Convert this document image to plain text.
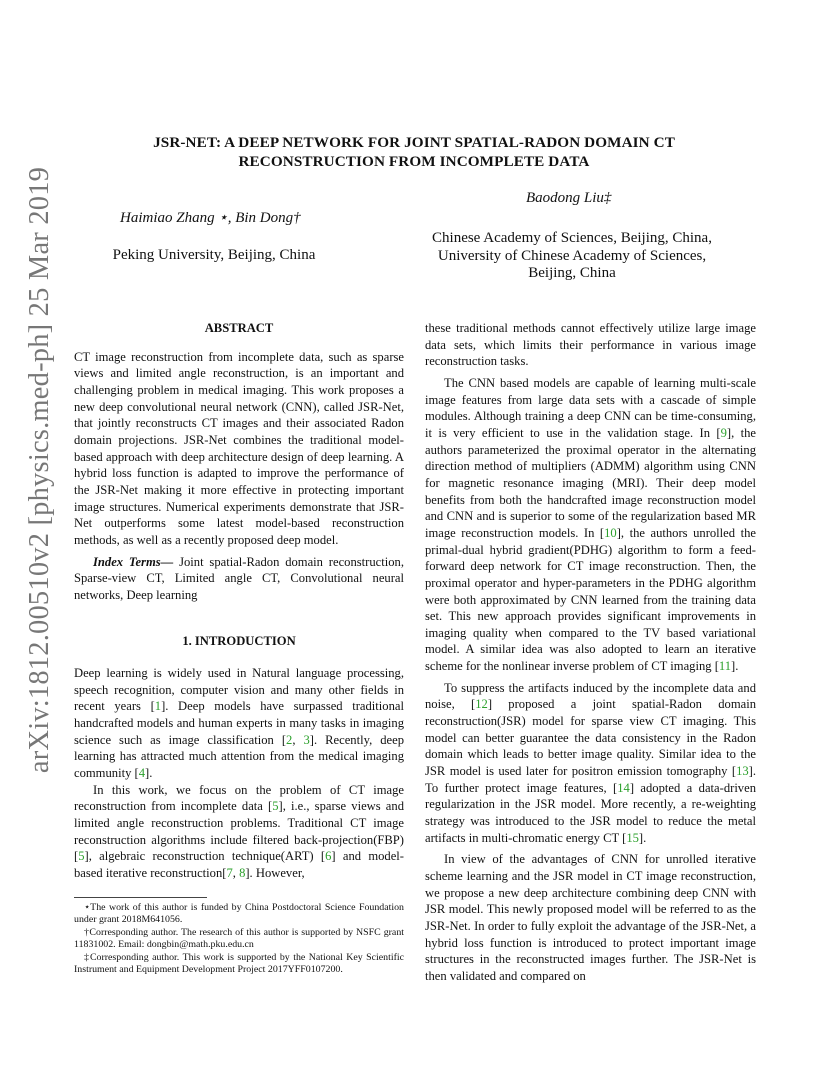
arXiv:1812.00510v2 [physics.med-ph] 25 Mar 2019
JSR-NET: A DEEP NETWORK FOR JOINT SPATIAL-RADON DOMAIN CT
RECONSTRUCTION FROM INCOMPLETE DATA
Haimiao Zhang ⋆, Bin Dong†
Baodong Liu‡
Peking University, Beijing, China
Chinese Academy of Sciences, Beijing, China,
University of Chinese Academy of Sciences,
Beijing, China
ABSTRACT

CT image reconstruction from incomplete data, such as sparse views and limited angle reconstruction, is an important and challenging problem in medical imaging. This work proposes a new deep convolutional neural network (CNN), called JSR-Net, that jointly reconstructs CT images and their associated Radon domain projections. JSR-Net combines the traditional model-based approach with deep architecture design of deep learning. A hybrid loss function is adapted to improve the performance of the JSR-Net making it more effective in protecting important image structures. Numerical experiments demonstrate that JSR-Net outperforms some latest model-based reconstruction methods, as well as a recently proposed deep model.

Index Terms— Joint spatial-Radon domain reconstruction, Sparse-view CT, Limited angle CT, Convolutional neural networks, Deep learning

1. INTRODUCTION

Deep learning is widely used in Natural language processing, speech recognition, computer vision and many other fields in recent years [1]. Deep models have surpassed traditional handcrafted models and human experts in many tasks in imaging science such as image classification [2, 3]. Recently, deep learning has attracted much attention from the medical imaging community [4].

In this work, we focus on the problem of CT image reconstruction from incomplete data [5], i.e., sparse views and limited angle reconstruction problems. Traditional CT image reconstruction algorithms include filtered back-projection(FBP) [5], algebraic reconstruction technique(ART) [6] and model-based iterative reconstruction[7, 8]. However,

⋆The work of this author is funded by China Postdoctoral Science Foundation under grant 2018M641056.

†Corresponding author. The research of this author is supported by NSFC grant 11831002. Email: dongbin@math.pku.edu.cn

‡Corresponding author. This work is supported by the National Key Scientific Instrument and Equipment Development Project 2017YFF0107200.

these traditional methods cannot effectively utilize large image data sets, which limits their performance in various image reconstruction tasks.

The CNN based models are capable of learning multi-scale image features from large data sets with a cascade of simple modules. Although training a deep CNN can be time-consuming, it is very efficient to use in the validation stage. In [9], the authors parameterized the proximal operator in the alternating direction method of multipliers (ADMM) algorithm using CNN for magnetic resonance imaging (MRI). Their deep model benefits from both the handcrafted image reconstruction model and CNN and is superior to some of the regularization based MR image reconstruction models. In [10], the authors unrolled the primal-dual hybrid gradient(PDHG) algorithm to form a feed-forward deep network for CT image reconstruction. Then, the proximal operator and hyper-parameters in the PDHG algorithm were both approximated by CNN learned from the training data set. This new approach provides significant improvements in imaging quality when compared to the TV based variational model. A similar idea was also adopted to learn an iterative scheme for the nonlinear inverse problem of CT imaging [11].

To suppress the artifacts induced by the incomplete data and noise, [12] proposed a joint spatial-Radon domain reconstruction(JSR) model for sparse view CT imaging. This model can better guarantee the data consistency in the Radon domain which leads to better image quality. Similar idea to the JSR model is used later for positron emission tomography [13]. To further protect image features, [14] adopted a data-driven regularization in the JSR model. More recently, a re-weighting strategy was introduced to the JSR model to reduce the metal artifacts in multi-chromatic energy CT [15].

In view of the advantages of CNN for unrolled iterative scheme learning and the JSR model in CT image reconstruction, we propose a new deep architecture combining deep CNN with JSR model. This newly proposed model will be referred to as the JSR-Net. In order to fully exploit the advantage of the JSR-Net, a hybrid loss function is introduced to protect important image structures in the reconstructed images further. The JSR-Net is then validated and compared on
